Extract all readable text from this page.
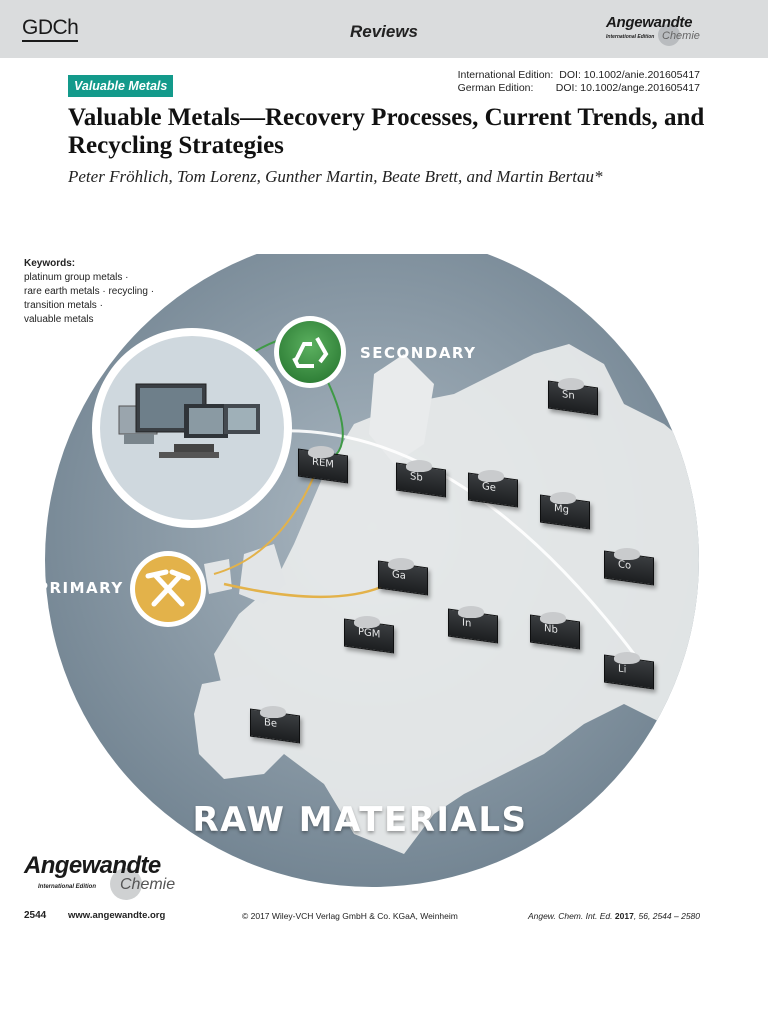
GDCh	Reviews	Angewandte
International Edition Chemie
Valuable Metals
International Edition: DOI: 10.1002/anie.201605417
German Edition: DOI: 10.1002/ange.201605417
Valuable Metals—Recovery Processes, Current Trends, and Recycling Strategies
Peter Fröhlich, Tom Lorenz, Gunther Martin, Beate Brett, and Martin Bertau*
Keywords:
platinum group metals ·
rare earth metals · recycling ·
transition metals ·
valuable metals
SECONDARY
PRIMARY
RAW MATERIALS
Sn
REM
Sb
Ge
Mg
Co
Ga
PGM
In	Nb
Li
Be
Angewandte
International Edition Chemie
2544 www.angewandte.org	© 2017 Wiley-VCH Verlag GmbH & Co. KGaA, Weinheim	Angew. Chem. Int. Ed. 2017, 56, 2544 – 2580
